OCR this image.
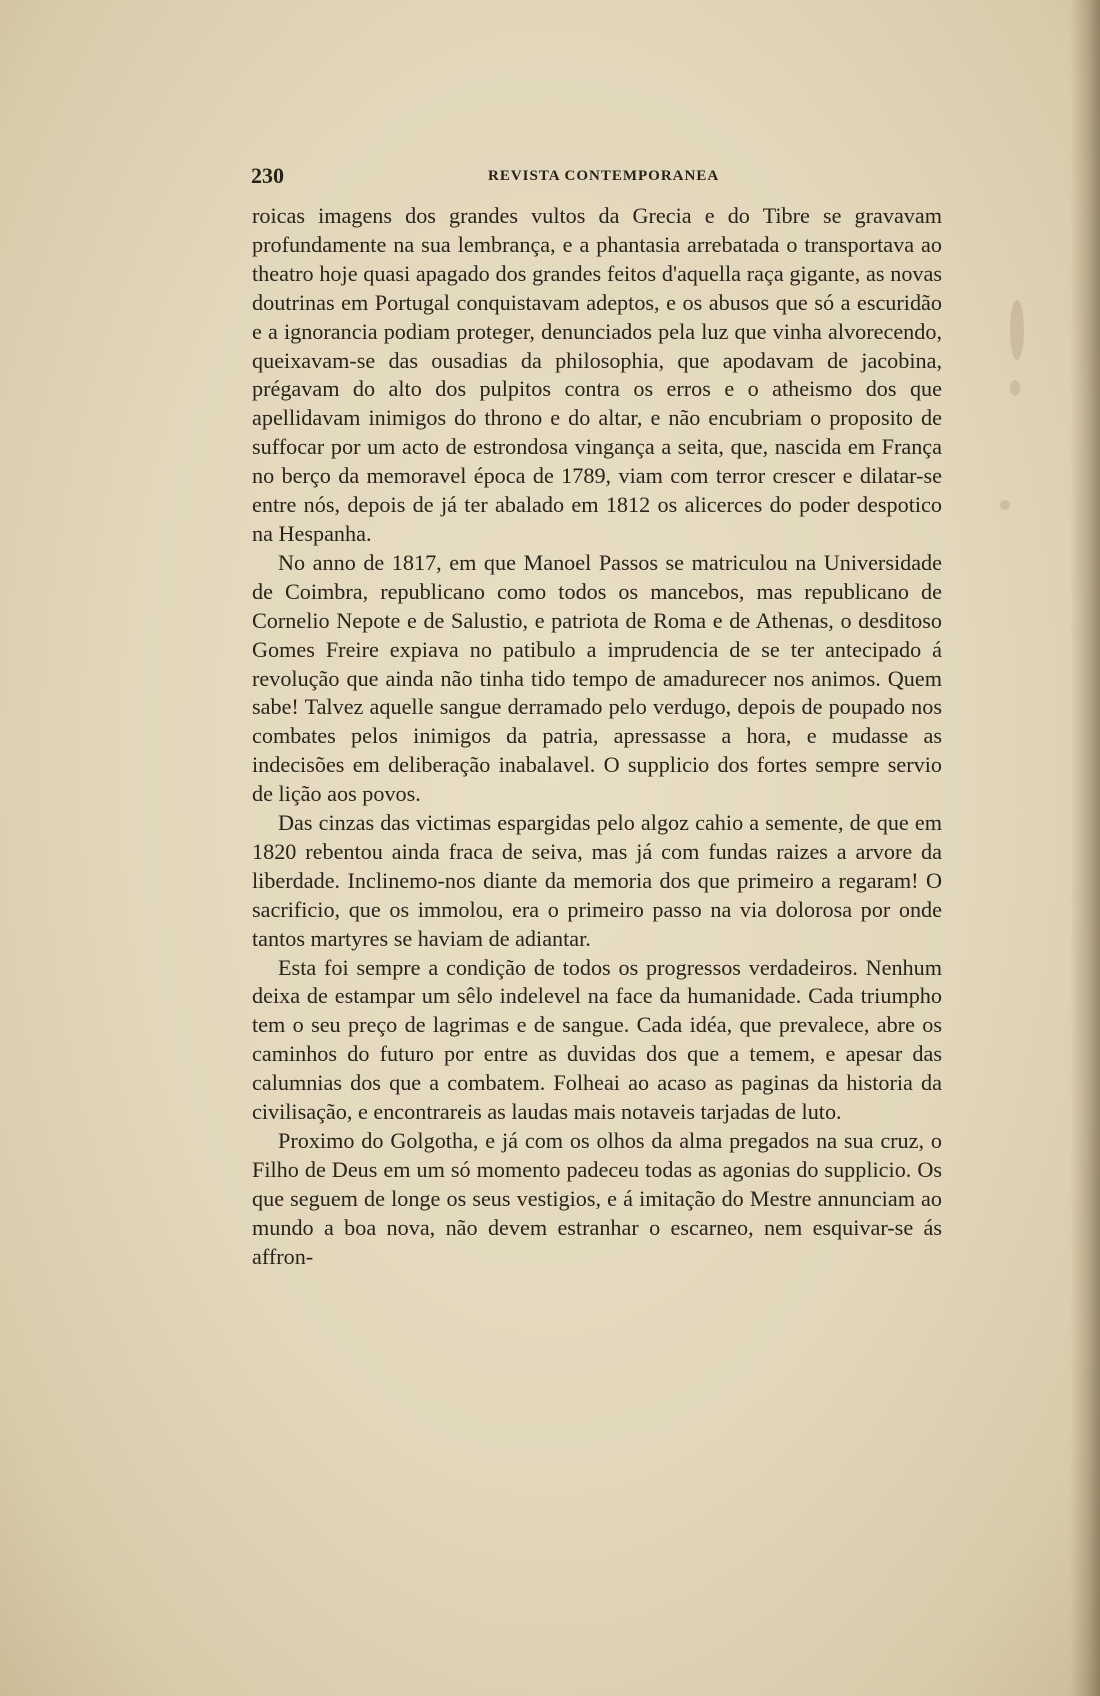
230	REVISTA CONTEMPORANEA

roicas imagens dos grandes vultos da Grecia e do Tibre se gravavam profundamente na sua lembrança, e a phantasia arrebatada o transportava ao theatro hoje quasi apagado dos grandes feitos d'aquella raça gigante, as novas doutrinas em Portugal conquistavam adeptos, e os abusos que só a escuridão e a ignorancia podiam proteger, denunciados pela luz que vinha alvorecendo, queixavam-se das ousadias da philosophia, que apodavam de jacobina, prégavam do alto dos pulpitos contra os erros e o atheismo dos que apellidavam inimigos do throno e do altar, e não encubriam o proposito de suffocar por um acto de estrondosa vingança a seita, que, nascida em França no berço da memoravel época de 1789, viam com terror crescer e dilatar-se entre nós, depois de já ter abalado em 1812 os alicerces do poder despotico na Hespanha.

No anno de 1817, em que Manoel Passos se matriculou na Universidade de Coimbra, republicano como todos os mancebos, mas republicano de Cornelio Nepote e de Salustio, e patriota de Roma e de Athenas, o desditoso Gomes Freire expiava no patibulo a imprudencia de se ter antecipado á revolução que ainda não tinha tido tempo de amadurecer nos animos. Quem sabe! Talvez aquelle sangue derramado pelo verdugo, depois de poupado nos combates pelos inimigos da patria, apressasse a hora, e mudasse as indecisões em deliberação inabalavel. O supplicio dos fortes sempre servio de lição aos povos.

Das cinzas das victimas espargidas pelo algoz cahio a semente, de que em 1820 rebentou ainda fraca de seiva, mas já com fundas raizes a arvore da liberdade. Inclinemo-nos diante da memoria dos que primeiro a regaram! O sacrificio, que os immolou, era o primeiro passo na via dolorosa por onde tantos martyres se haviam de adiantar.

Esta foi sempre a condição de todos os progressos verdadeiros. Nenhum deixa de estampar um sêlo indelevel na face da humanidade. Cada triumpho tem o seu preço de lagrimas e de sangue. Cada idéa, que prevalece, abre os caminhos do futuro por entre as duvidas dos que a temem, e apesar das calumnias dos que a combatem. Folheai ao acaso as paginas da historia da civilisação, e encontrareis as laudas mais notaveis tarjadas de luto.

Proximo do Golgotha, e já com os olhos da alma pregados na sua cruz, o Filho de Deus em um só momento padeceu todas as agonias do supplicio. Os que seguem de longe os seus vestigios, e á imitação do Mestre annunciam ao mundo a boa nova, não devem estranhar o escarneo, nem esquivar-se ás affron-
